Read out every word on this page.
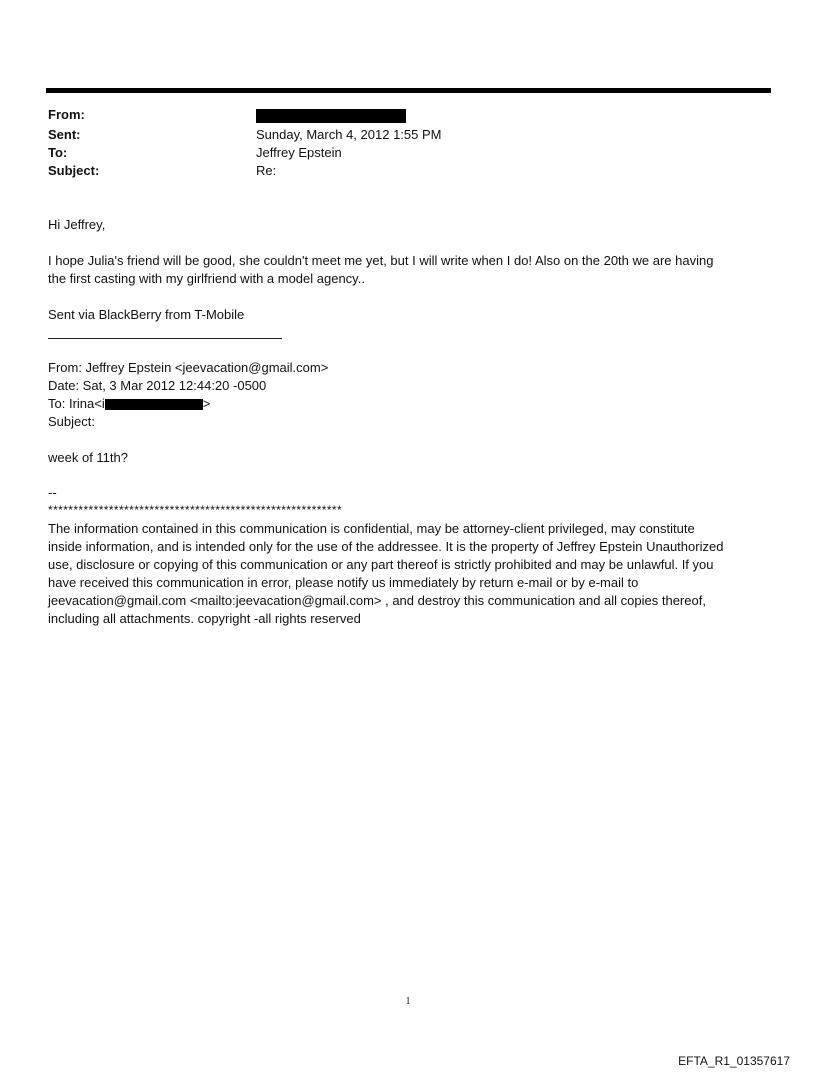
From:
Sent:	Sunday, March 4, 2012 1:55 PM
To:	Jeffrey Epstein
Subject:	Re:
Hi Jeffrey,
I hope Julia's friend will be good, she couldn't meet me yet, but I will write when I do! Also on the 20th we are having
the first casting with my girlfriend with a model agency..
Sent via BlackBerry from T-Mobile
From: Jeffrey Epstein <jeevacation@gmail.com>
Date: Sat, 3 Mar 2012 12:44:20 -0500
To: Irina<i	>
Subject:
week of 11th?
--
**********************************************************
The information contained in this communication is confidential, may be attorney-client privileged, may constitute
inside information, and is intended only for the use of the addressee. It is the property of Jeffrey Epstein Unauthorized
use, disclosure or copying of this communication or any part thereof is strictly prohibited and may be unlawful. If you
have received this communication in error, please notify us immediately by return e-mail or by e-mail to
jeevacation@gmail.com <mailto:jeevacation@gmail.com> , and destroy this communication and all copies thereof,
including all attachments. copyright -all rights reserved
1
EFTA_R1_01357617
